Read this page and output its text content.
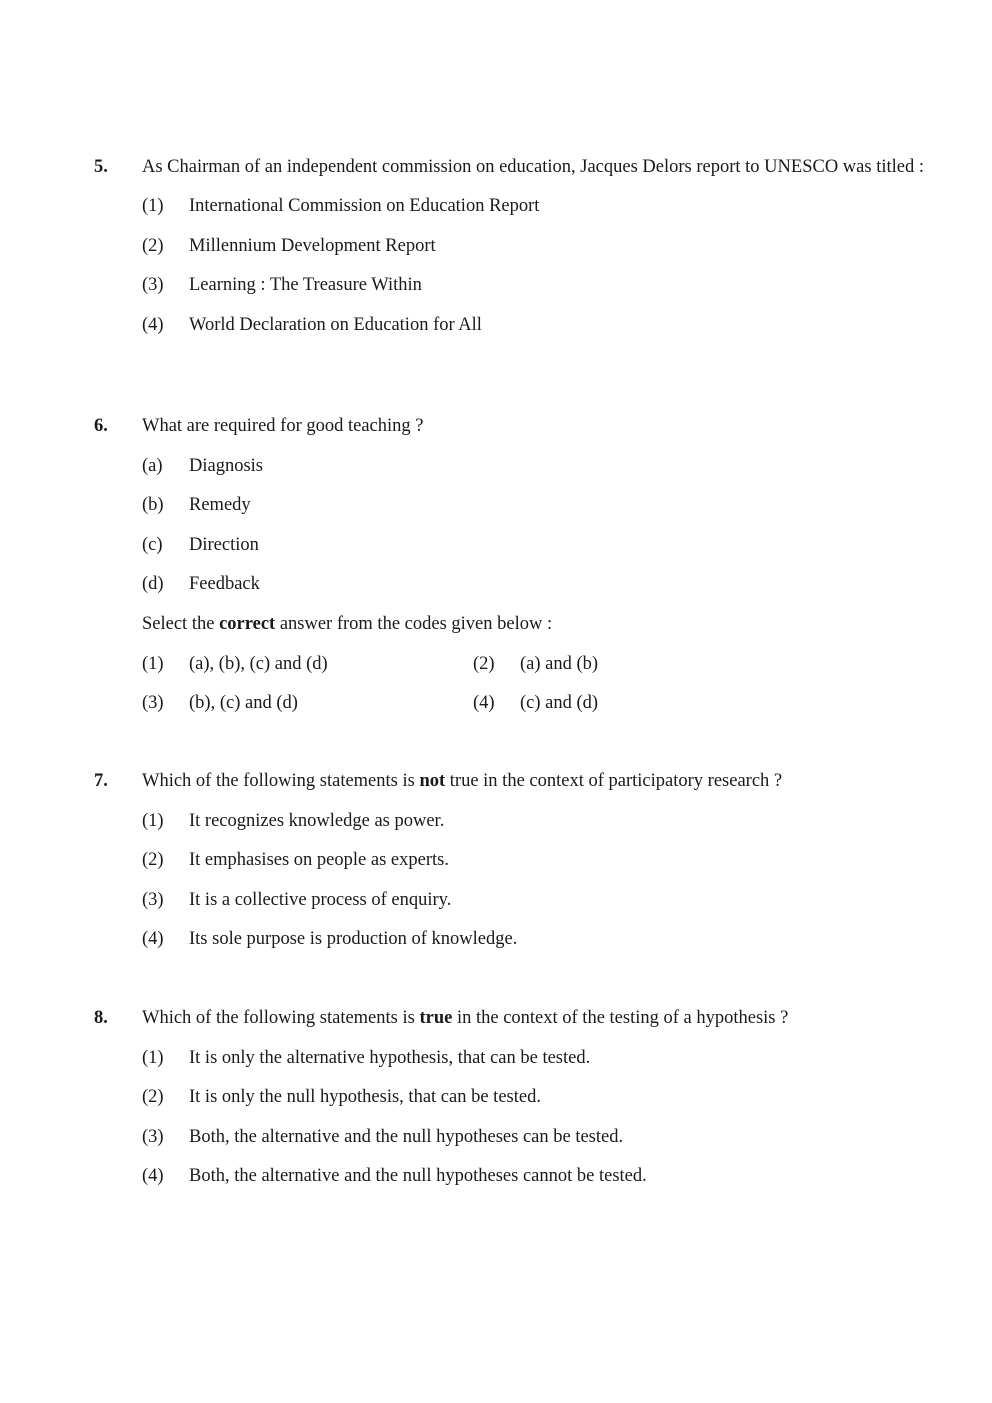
5. As Chairman of an independent commission on education, Jacques Delors report to UNESCO was titled :
(1) International Commission on Education Report
(2) Millennium Development Report
(3) Learning : The Treasure Within
(4) World Declaration on Education for All
6. What are required for good teaching ?
(a) Diagnosis
(b) Remedy
(c) Direction
(d) Feedback
Select the correct answer from the codes given below :
(1) (a), (b), (c) and (d)	(2) (a) and (b)
(3) (b), (c) and (d)	(4) (c) and (d)
7. Which of the following statements is not true in the context of participatory research ?
(1) It recognizes knowledge as power.
(2) It emphasises on people as experts.
(3) It is a collective process of enquiry.
(4) Its sole purpose is production of knowledge.
8. Which of the following statements is true in the context of the testing of a hypothesis ?
(1) It is only the alternative hypothesis, that can be tested.
(2) It is only the null hypothesis, that can be tested.
(3) Both, the alternative and the null hypotheses can be tested.
(4) Both, the alternative and the null hypotheses cannot be tested.
